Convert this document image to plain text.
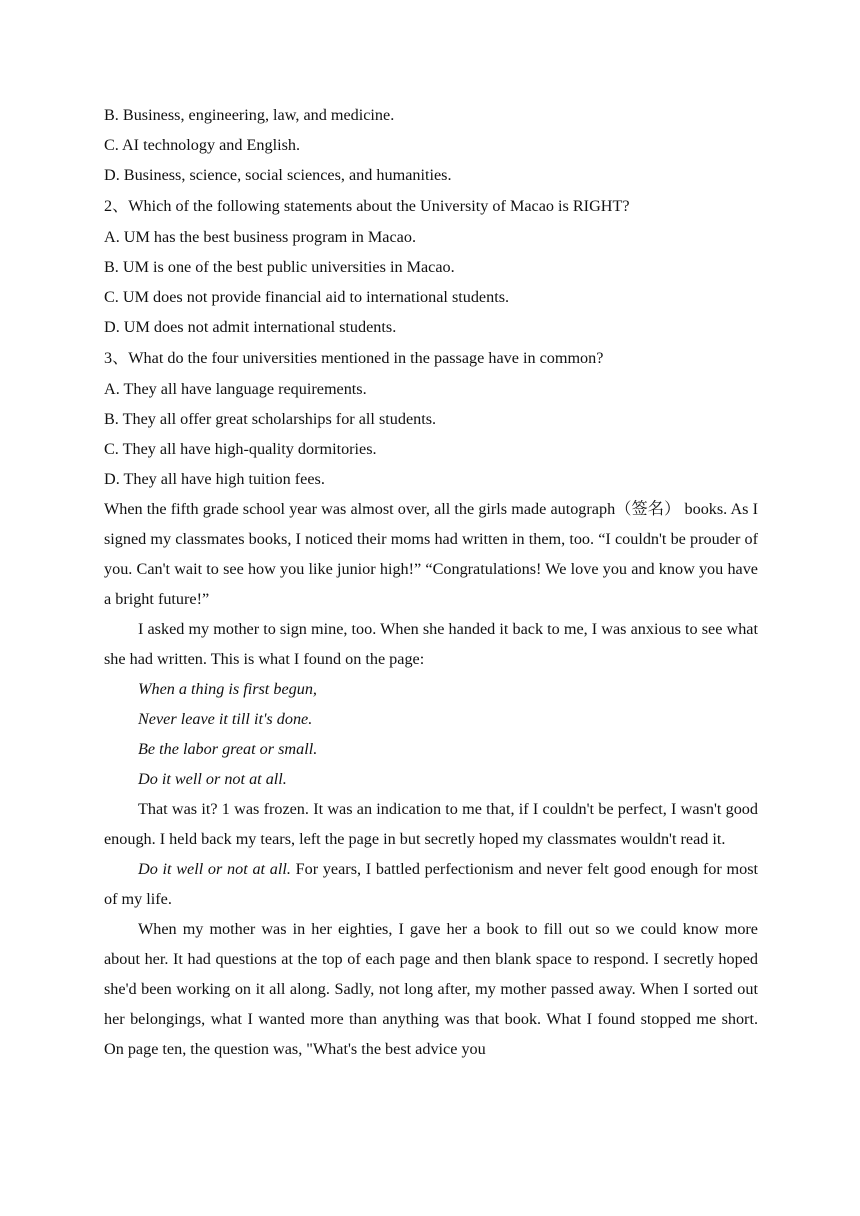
B. Business, engineering, law, and medicine.
C. AI technology and English.
D. Business, science, social sciences, and humanities.
2、Which of the following statements about the University of Macao is RIGHT?
A. UM has the best business program in Macao.
B. UM is one of the best public universities in Macao.
C. UM does not provide financial aid to international students.
D. UM does not admit international students.
3、What do the four universities mentioned in the passage have in common?
A. They all have language requirements.
B. They all offer great scholarships for all students.
C. They all have high-quality dormitories.
D. They all have high tuition fees.
When the fifth grade school year was almost over, all the girls made autograph（签名） books. As I signed my classmates books, I noticed their moms had written in them, too. “I couldn't be prouder of you. Can't wait to see how you like junior high!” “Congratulations! We love you and know you have a bright future!”
I asked my mother to sign mine, too. When she handed it back to me, I was anxious to see what she had written. This is what I found on the page:
When a thing is first begun,
Never leave it till it's done.
Be the labor great or small.
Do it well or not at all.
That was it? 1 was frozen. It was an indication to me that, if I couldn't be perfect, I wasn't good enough. I held back my tears, left the page in but secretly hoped my classmates wouldn't read it.
Do it well or not at all. For years, I battled perfectionism and never felt good enough for most of my life.
When my mother was in her eighties, I gave her a book to fill out so we could know more about her. It had questions at the top of each page and then blank space to respond. I secretly hoped she'd been working on it all along. Sadly, not long after, my mother passed away. When I sorted out her belongings, what I wanted more than anything was that book. What I found stopped me short. On page ten, the question was, "What's the best advice you
